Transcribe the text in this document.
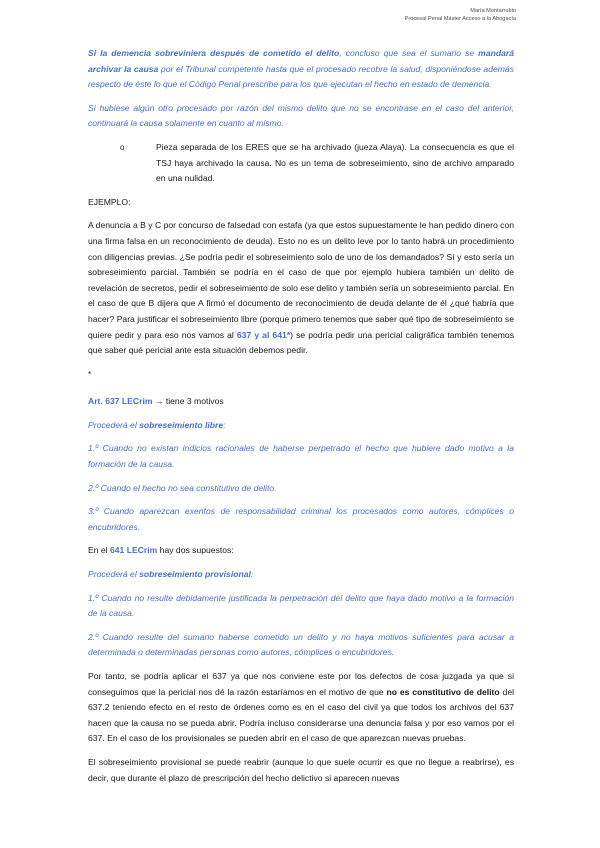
María Montarrubio
Procesal Penal Máster Acceso a la Abogacía

Si la demencia sobreviniera después de cometido el delito, concluso que sea el sumario se mandará archivar la causa por el Tribunal competente hasta que el procesado recobre la salud, disponiéndose además respecto de éste lo que el Código Penal prescribe para los que ejecutan el hecho en estado de demencia.

Si hubiese algún otro procesado por razón del mismo delito que no se encontrase en el caso del anterior, continuará la causa solamente en cuanto al mismo.

o	Pieza separada de los ERES que se ha archivado (jueza Alaya). La consecuencia es que el TSJ haya archivado la causa. No es un tema de sobreseimiento, sino de archivo amparado en una nulidad.

EJEMPLO:

A denuncia a B y C por concurso de falsedad con estafa (ya que estos supuestamente le han pedido dinero con una firma falsa en un reconocimiento de deuda). Esto no es un delito leve por lo tanto habrá un procedimiento con diligencias previas. ¿Se podría pedir el sobreseimiento solo de uno de los demandados? Sí y esto sería un sobreseimiento parcial. También se podría en el caso de que por ejemplo hubiera también un delito de revelación de secretos, pedir el sobreseimiento de solo ese delito y también sería un sobreseimiento parcial. En el caso de que B dijera que A firmó el documento de reconocimiento de deuda delante de él ¿qué habría que hacer? Para justificar el sobreseimiento libre (porque primero tenemos que saber qué tipo de sobreseimiento se quiere pedir y para eso nos vamos al 637 y al 641*) se podría pedir una pericial caligráfica también tenemos que saber qué pericial ante esta situación debemos pedir.

*

Art. 637 LECrim → tiene 3 motivos

Procederá el sobreseimiento libre:

1.º Cuando no existan indicios racionales de haberse perpetrado el hecho que hubiere dado motivo a la formación de la causa.

2.º Cuando el hecho no sea constitutivo de delito.

3.º Cuando aparezcan exentos de responsabilidad criminal los procesados como autores, cómplices o encubridores.

En el 641 LECrim hay dos supuestos:

Procederá el sobreseimiento provisional:

1.º Cuando no resulte debidamente justificada la perpetración del delito que haya dado motivo a la formación de la causa.

2.º Cuando resulte del sumario haberse cometido un delito y no haya motivos suficientes para acusar a determinada o determinadas personas como autores, cómplices o encubridores.

Por tanto, se podría aplicar el 637 ya que nos conviene este por los defectos de cosa juzgada ya que si conseguimos que la pericial nos dé la razón estaríamos en el motivo de que no es constitutivo de delito del 637.2 teniendo efecto en el resto de órdenes como es en el caso del civil ya que todos los archivos del 637 hacen que la causa no se pueda abrir. Podría incluso considerarse una denuncia falsa y por eso vamos por el 637. En el caso de los provisionales se pueden abrir en el caso de que aparezcan nuevas pruebas.

El sobreseimiento provisional se puede reabrir (aunque lo que suele ocurrir es que no llegue a reabrirse), es decir, que durante el plazo de prescripción del hecho delictivo si aparecen nuevas
